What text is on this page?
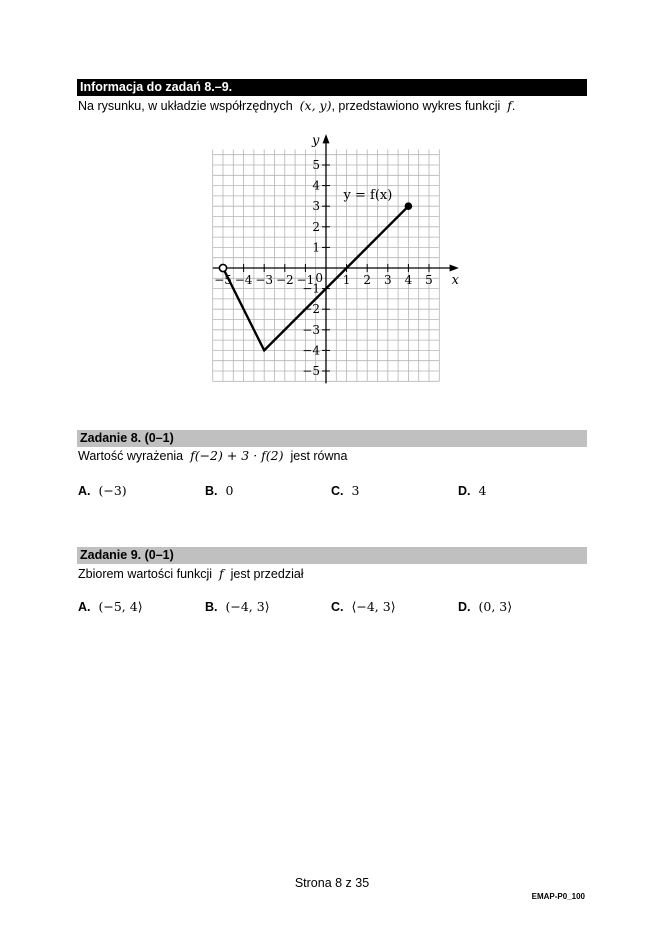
Informacja do zadań 8.–9.
Na rysunku, w układzie współrzędnych (x, y), przedstawiono wykres funkcji f.
−5 −4 −3 −2 −1 1 2 3 4 5
5
4
3
2
1
−1
−2
−3
−4
−5
0	x
y
y = f(x)
Zadanie 8. (0–1)
Wartość wyrażenia f(−2) + 3 · f(2) jest równa
A. (−3)	B. 0	C. 3	D. 4
Zadanie 9. (0–1)
Zbiorem wartości funkcji f jest przedział
A. (−5, 4⟩	B. (−4, 3⟩	C. ⟨−4, 3⟩	D. (0, 3⟩
Strona 8 z 35
EMAP-P0_100
